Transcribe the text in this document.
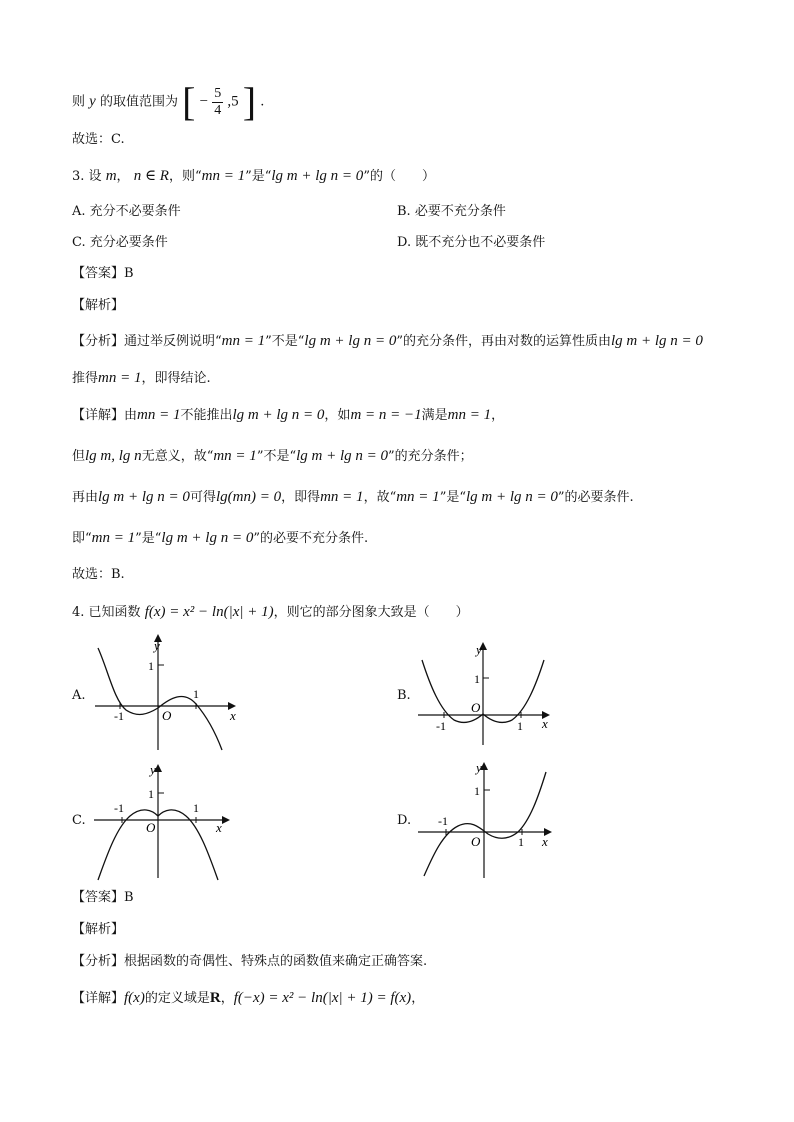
则 y 的取值范围为 [ − $\frac{5}{4} ,5$ ] .
故选：C.
3. 设 m， n ∈ R，则“mn = 1”是“lg m + lg n = 0”的（　　）
A. 充分不必要条件	B. 必要不充分条件
C. 充分必要条件	D. 既不充分也不必要条件
【答案】B
【解析】
【分析】通过举反例说明“mn = 1”不是“lg m + lg n = 0”的充分条件，再由对数的运算性质由lg m + lg n = 0
推得mn = 1，即得结论.
【详解】由mn = 1不能推出lg m + lg n = 0，如m = n = −1满是mn = 1，
但lg m, lg n无意义，故“mn = 1”不是“lg m + lg n = 0”的充分条件；
再由lg m + lg n = 0可得lg(mn) = 0，即得mn = 1，故“mn = 1”是“lg m + lg n = 0”的必要条件.
即“mn = 1”是“lg m + lg n = 0”的必要不充分条件.
故选：B.
4. 已知函数 f(x) = x² − ln(|x| + 1)，则它的部分图象大致是（　　）
A.
y
x
O
1
-1
1	B.
y
x
O
1
-1	1
C.
y
x
O
1
-1	1
D.
y
x
O
1
-1
1
【答案】B
【解析】
【分析】根据函数的奇偶性、特殊点的函数值来确定正确答案.
【详解】f(x)的定义域是R，f(−x) = x² − ln(|x| + 1) = f(x)，
